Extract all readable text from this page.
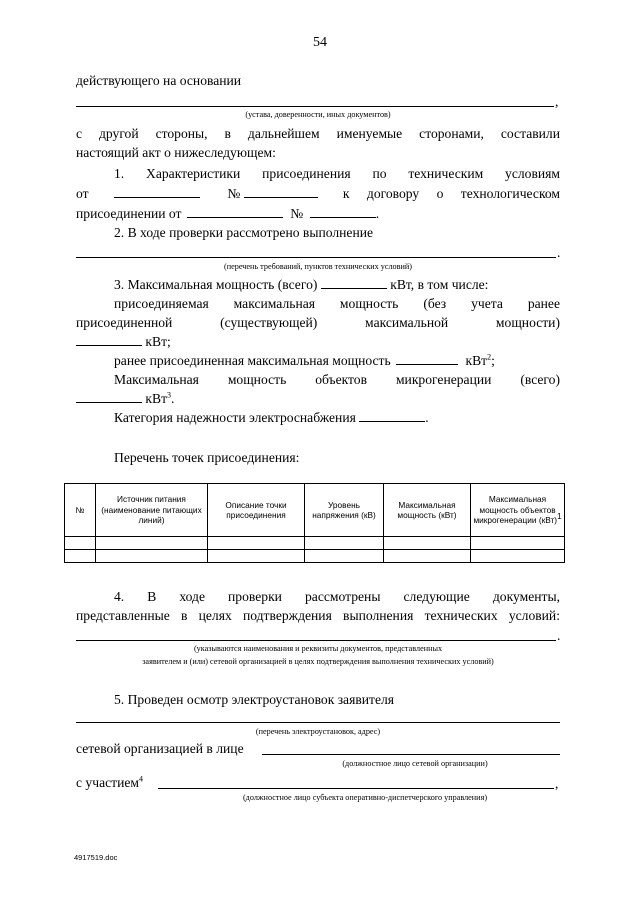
54
действующего на основании
,
(устава, доверенности, иных документов)
с другой стороны, в дальнейшем именуемые сторонами, составили
настоящий акт о нижеследующем:
1. Характеристики присоединения по техническим условиям
от	№	к договору о технологическом
присоединении от	№	.
2. В ходе проверки рассмотрено выполнение
.
(перечень требований, пунктов технических условий)
3. Максимальная мощность (всего)	кВт, в том числе:
присоединяемая максимальная мощность (без учета ранее
присоединенной (существующей) максимальной мощности)
кВт;
ранее присоединенная максимальная мощность	кВт$^2$;
Максимальная мощность объектов микрогенерации (всего)
кВт$^3$.
Категория надежности электроснабжения	.
Перечень точек присоединения:
№	Источник питания (наименование питающих линий)	Описание точки присоединения	Уровень напряжения (кВ)	Максимальная мощность (кВт)	Максимальная мощность объектов микрогенерации (кВт)$^1$

4. В ходе проверки рассмотрены следующие документы,
представленные в целях подтверждения выполнения технических условий:
.
(указываются наименования и реквизиты документов, представленных
заявителем и (или) сетевой организацией в целях подтверждения выполнения технических условий)
5. Проведен осмотр электроустановок заявителя
(перечень электроустановок, адрес)
сетевой организацией в лице
(должностное лицо сетевой организации)
с участием$^4$	,
(должностное лицо субъекта оперативно-диспетчерского управления)
4917519.doc
